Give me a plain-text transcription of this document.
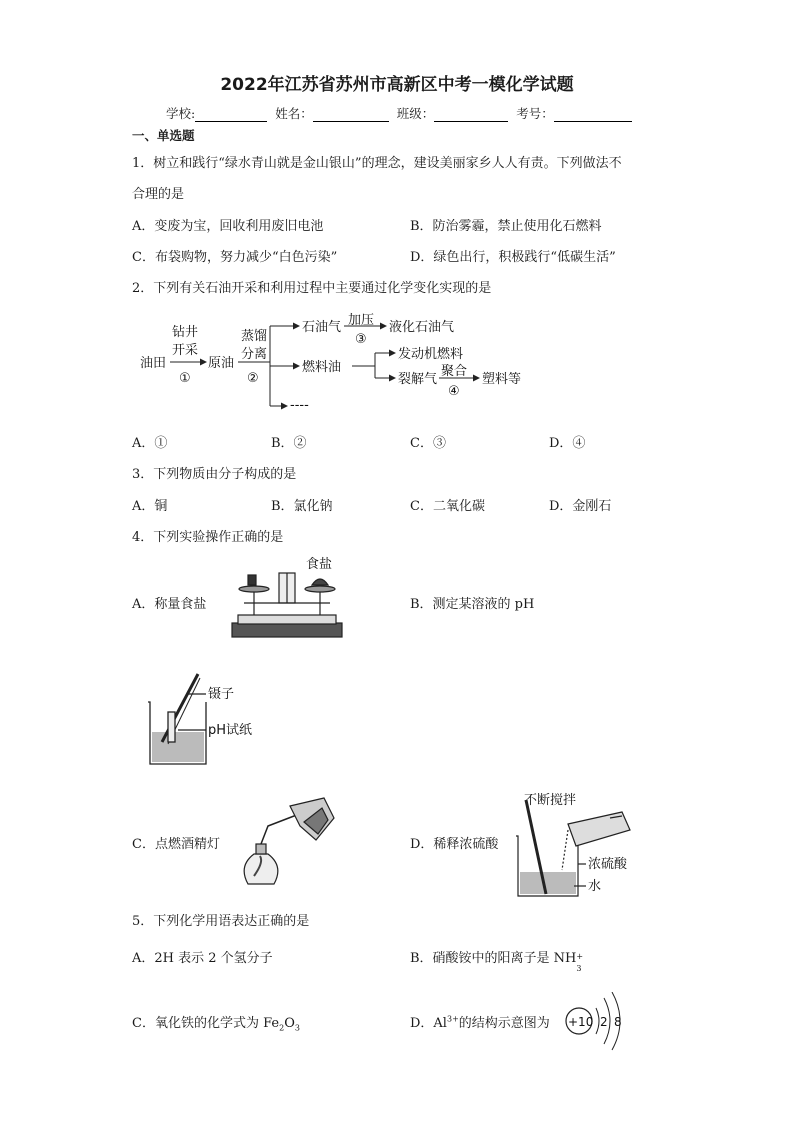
2022年江苏省苏州市高新区中考一模化学试题
学校:	姓名：	班级：	考号：
一、单选题
1．树立和践行“绿水青山就是金山银山”的理念，建设美丽家乡人人有责。下列做法不
合理的是
A．变废为宝，回收利用废旧电池	B．防治雾霾，禁止使用化石燃料
C．布袋购物，努力减少“白色污染”	D．绿色出行，积极践行“低碳生活”
2．下列有关石油开采和利用过程中主要通过化学变化实现的是
油田
钻井
开采
①
原油
蒸馏
分离
②
石油气 加压
③
液化石油气
燃料油
发动机燃料
裂解气
聚合
④
塑料等
----
A．①	B．②	C．③	D．④
3．下列物质由分子构成的是
A．铜	B．氯化钠	C．二氧化碳	D．金刚石
4．下列实验操作正确的是
A．称量食盐
食盐
B．测定某溶液的 pH
镊子
pH试纸
C．点燃酒精灯	D．稀释浓硫酸
不断搅拌
浓硫酸
水
5．下列化学用语表达正确的是
A．2H 表示 2 个氢分子	B．硝酸铵中的阳离子是 NH +
3
C．氧化铁的化学式为 $Fe_2O_3$	D．$Al^{3+}$的结构示意图为 +10 2 8
